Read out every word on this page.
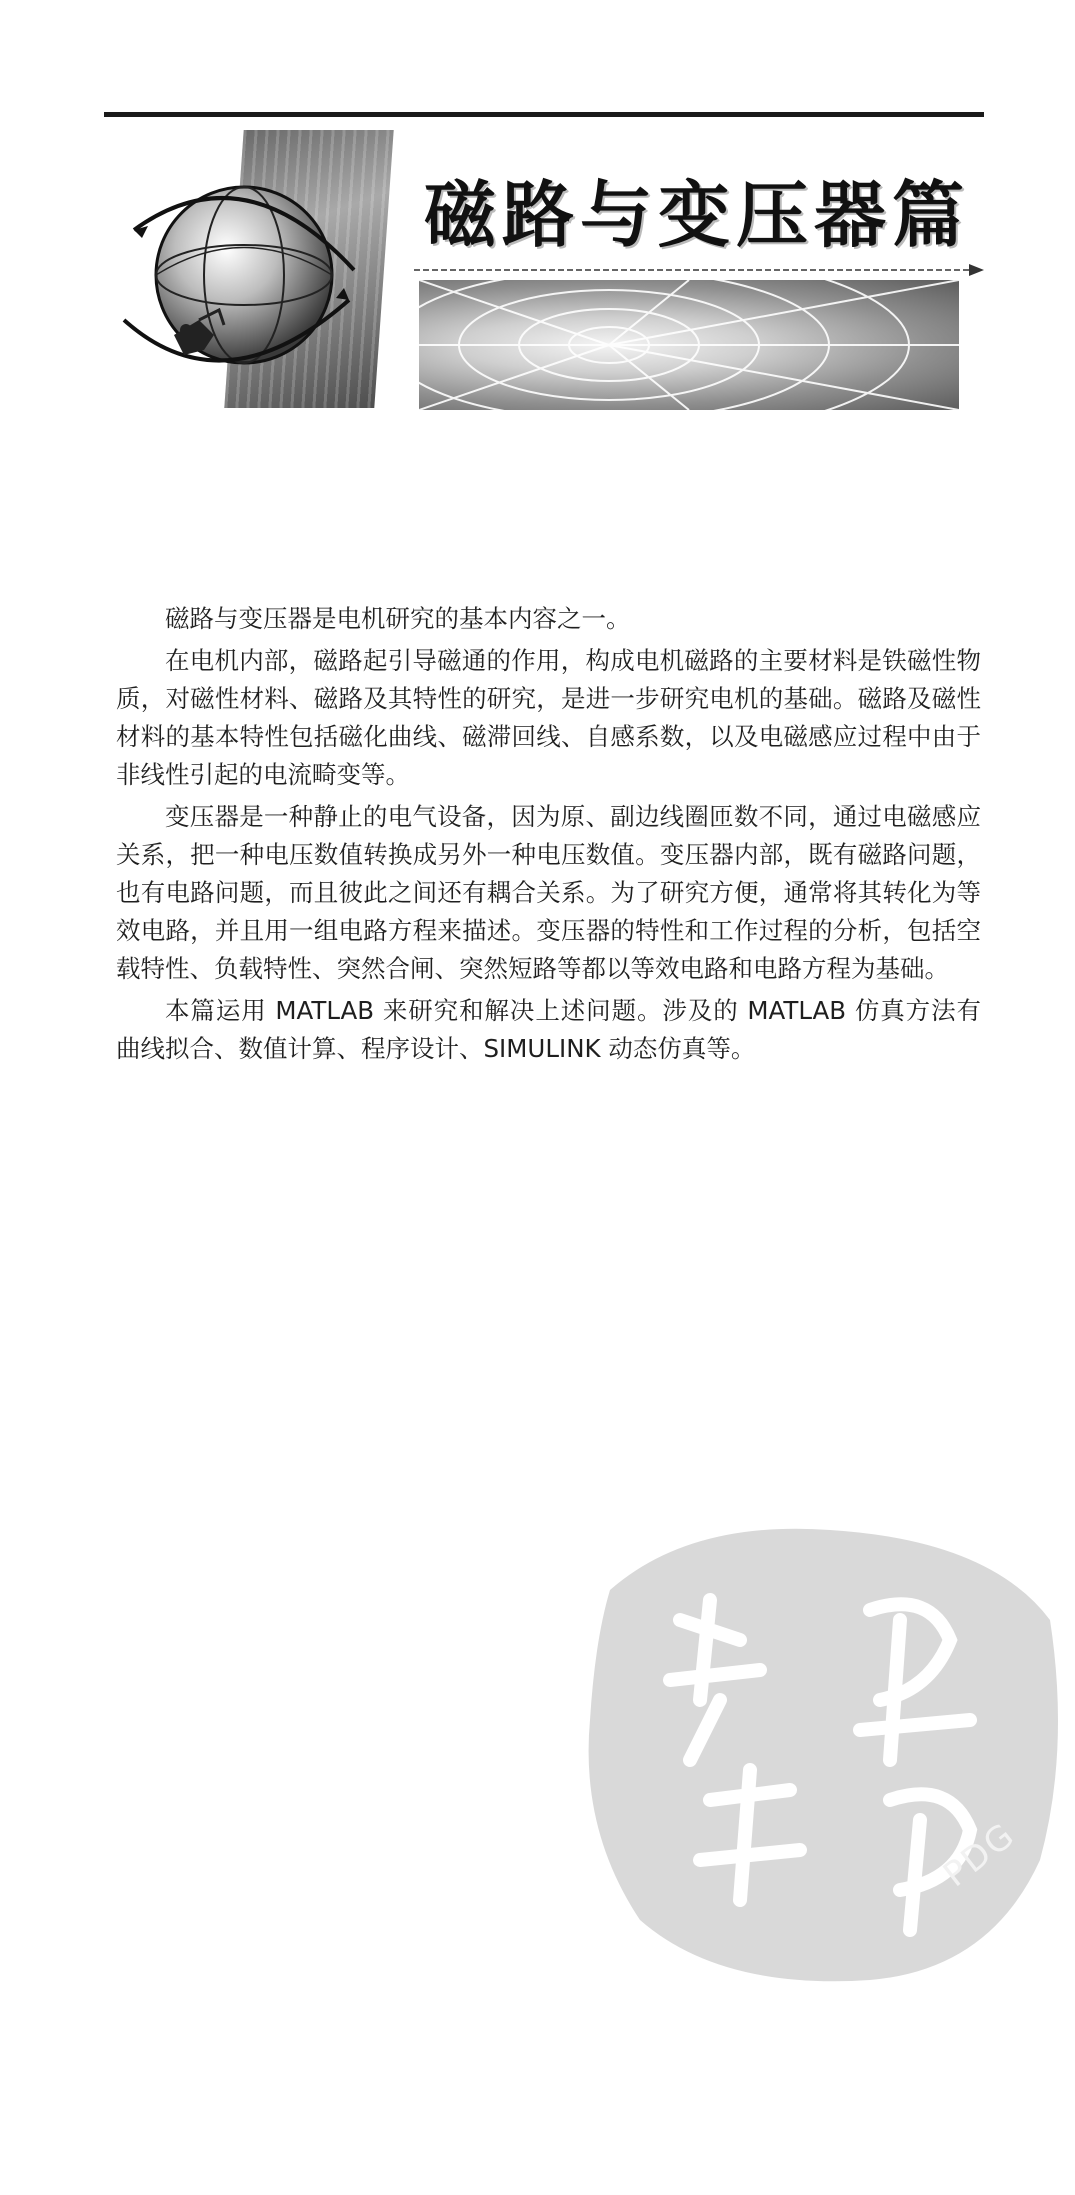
磁路与变压器篇

磁路与变压器是电机研究的基本内容之一。

在电机内部，磁路起引导磁通的作用，构成电机磁路的主要材料是铁磁性物质，对磁性材料、磁路及其特性的研究，是进一步研究电机的基础。磁路及磁性材料的基本特性包括磁化曲线、磁滞回线、自感系数，以及电磁感应过程中由于非线性引起的电流畸变等。

变压器是一种静止的电气设备，因为原、副边线圈匝数不同，通过电磁感应关系，把一种电压数值转换成另外一种电压数值。变压器内部，既有磁路问题，也有电路问题，而且彼此之间还有耦合关系。为了研究方便，通常将其转化为等效电路，并且用一组电路方程来描述。变压器的特性和工作过程的分析，包括空载特性、负载特性、突然合闸、突然短路等都以等效电路和电路方程为基础。

本篇运用 MATLAB 来研究和解决上述问题。涉及的 MATLAB 仿真方法有曲线拟合、数值计算、程序设计、SIMULINK 动态仿真等。

PDG
